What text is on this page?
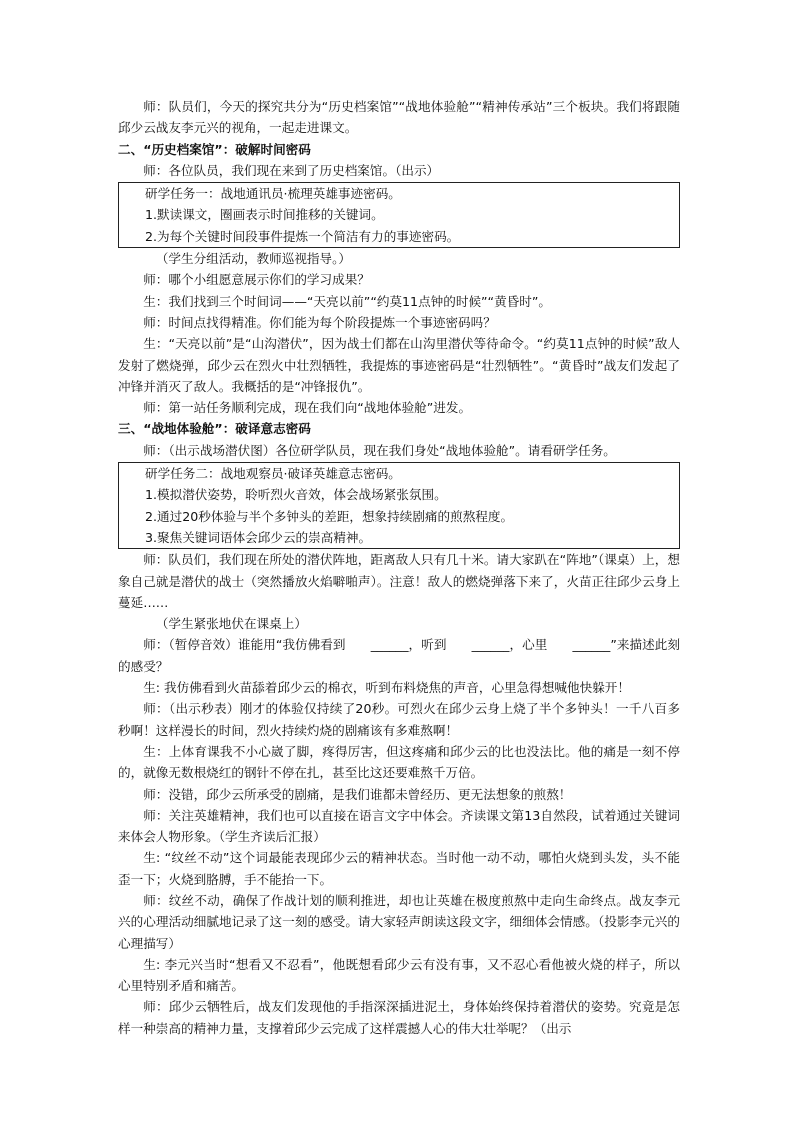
师：队员们，今天的探究共分为“历史档案馆”“战地体验舱”“精神传承站”三个板块。我们将跟随邱少云战友李元兴的视角，一起走进课文。

二、“历史档案馆”：破解时间密码

师：各位队员，我们现在来到了历史档案馆。（出示）

研学任务一：战地通讯员·梳理英雄事迹密码。
1.默读课文，圈画表示时间推移的关键词。
2.为每个关键时间段事件提炼一个简洁有力的事迹密码。

（学生分组活动，教师巡视指导。）

师：哪个小组愿意展示你们的学习成果？

生：我们找到三个时间词——“天亮以前”“约莫11点钟的时候”“黄昏时”。

师：时间点找得精准。你们能为每个阶段提炼一个事迹密码吗？

生：“天亮以前”是“山沟潜伏”，因为战士们都在山沟里潜伏等待命令。“约莫11点钟的时候”敌人发射了燃烧弹，邱少云在烈火中壮烈牺牲，我提炼的事迹密码是“壮烈牺牲”。“黄昏时”战友们发起了冲锋并消灭了敌人。我概括的是“冲锋报仇”。

师：第一站任务顺利完成，现在我们向“战地体验舱”进发。

三、“战地体验舱”：破译意志密码

师：（出示战场潜伏图）各位研学队员，现在我们身处“战地体验舱”。请看研学任务。

研学任务二：战地观察员·破译英雄意志密码。
1.模拟潜伏姿势，聆听烈火音效，体会战场紧张氛围。
2.通过20秒体验与半个多钟头的差距，想象持续剧痛的煎熬程度。
3.聚焦关键词语体会邱少云的崇高精神。

师：队员们，我们现在所处的潜伏阵地，距离敌人只有几十米。请大家趴在“阵地”（课桌）上，想象自己就是潜伏的战士（突然播放火焰噼啪声）。注意！敌人的燃烧弹落下来了，火苗正往邱少云身上蔓延……

（学生紧张地伏在课桌上）

师：（暂停音效）谁能用“我仿佛看到 ______，听到 ______，心里 ______”来描述此刻的感受？

生: 我仿佛看到火苗舔着邱少云的棉衣，听到布料烧焦的声音，心里急得想喊他快躲开！

师：（出示秒表）刚才的体验仅持续了20秒。可烈火在邱少云身上烧了半个多钟头！一千八百多秒啊！这样漫长的时间，烈火持续灼烧的剧痛该有多难熬啊！

生：上体育课我不小心崴了脚，疼得厉害，但这疼痛和邱少云的比也没法比。他的痛是一刻不停的，就像无数根烧红的钢针不停在扎，甚至比这还要难熬千万倍。

师：没错，邱少云所承受的剧痛，是我们谁都未曾经历、更无法想象的煎熬！

师：关注英雄精神，我们也可以直接在语言文字中体会。齐读课文第13自然段，试着通过关键词来体会人物形象。（学生齐读后汇报）

生: “纹丝不动”这个词最能表现邱少云的精神状态。当时他一动不动，哪怕火烧到头发，头不能歪一下；火烧到胳膊，手不能抬一下。

师：纹丝不动，确保了作战计划的顺利推进，却也让英雄在极度煎熬中走向生命终点。战友李元兴的心理活动细腻地记录了这一刻的感受。请大家轻声朗读这段文字，细细体会情感。（投影李元兴的心理描写）

生: 李元兴当时“想看又不忍看”，他既想看邱少云有没有事，又不忍心看他被火烧的样子，所以心里特别矛盾和痛苦。

师：邱少云牺牲后，战友们发现他的手指深深插进泥土，身体始终保持着潜伏的姿势。究竟是怎样一种崇高的精神力量，支撑着邱少云完成了这样震撼人心的伟大壮举呢？（出示
